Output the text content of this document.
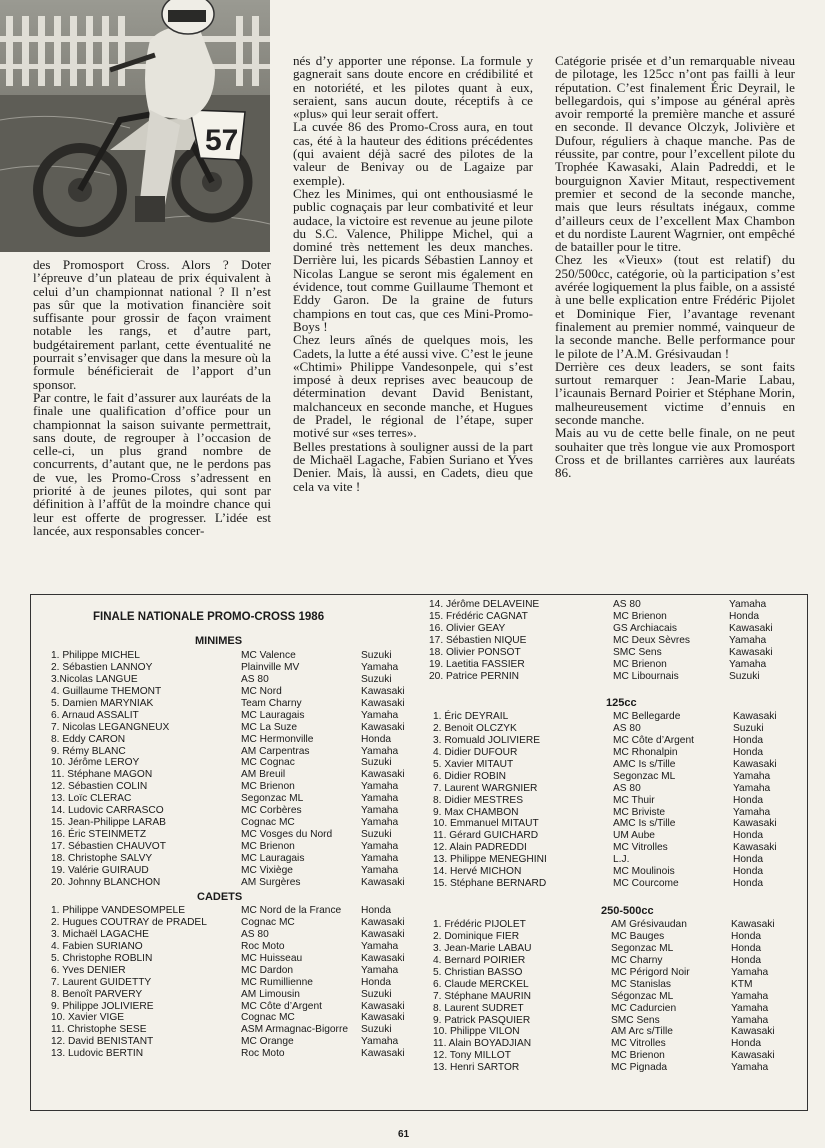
57

des Promosport Cross. Alors ? Doter l’épreuve d’un plateau de prix équivalent à celui d’un championnat national ? Il n’est pas sûr que la motivation financière soit suffisante pour grossir de façon vraiment notable les rangs, et d’autre part, budgétairement parlant, cette éventualité ne pourrait s’envisager que dans la mesure où la formule bénéficierait de l’apport d’un sponsor.

Par contre, le fait d’assurer aux lauréats de la finale une qualification d’office pour un championnat la saison suivante permettrait, sans doute, de regrouper à l’occasion de celle-ci, un plus grand nombre de concurrents, d’autant que, ne le perdons pas de vue, les Promo-Cross s’adressent en priorité à de jeunes pilotes, qui sont par définition à l’affût de la moindre chance qui leur est offerte de progresser. L’idée est lancée, aux responsables concer-

nés d’y apporter une réponse. La formule y gagnerait sans doute encore en crédibilité et en notoriété, et les pilotes quant à eux, seraient, sans aucun doute, réceptifs à ce «plus» qui leur serait offert.

La cuvée 86 des Promo-Cross aura, en tout cas, été à la hauteur des éditions précédentes (qui avaient déjà sacré des pilotes de la valeur de Benivay ou de Lagaize par exemple).

Chez les Minimes, qui ont enthousiasmé le public cognaçais par leur combativité et leur audace, la victoire est revenue au jeune pilote du S.C. Valence, Philippe Michel, qui a dominé très nettement les deux manches. Derrière lui, les picards Sébastien Lannoy et Nicolas Langue se seront mis également en évidence, tout comme Guillaume Themont et Eddy Garon. De la graine de futurs champions en tout cas, que ces Mini-Promo-Boys !

Chez leurs aînés de quelques mois, les Cadets, la lutte a été aussi vive. C’est le jeune «Chtimi» Philippe Vandesonpele, qui s’est imposé à deux reprises avec beaucoup de détermination devant David Benistant, malchanceux en seconde manche, et Hugues de Pradel, le régional de l’étape, super motivé sur «ses terres».

Belles prestations à souligner aussi de la part de Michaël Lagache, Fabien Suriano et Yves Denier. Mais, là aussi, en Cadets, dieu que cela va vite !

Catégorie prisée et d’un remarquable niveau de pilotage, les 125cc n’ont pas failli à leur réputation. C’est finalement Éric Deyrail, le bellegardois, qui s’impose au général après avoir remporté la première manche et assuré en seconde. Il devance Olczyk, Jolivière et Dufour, réguliers à chaque manche. Pas de réussite, par contre, pour l’excellent pilote du Trophée Kawasaki, Alain Padreddi, et le bourguignon Xavier Mitaut, respectivement premier et second de la seconde manche, mais que leurs résultats inégaux, comme d’ailleurs ceux de l’excellent Max Chambon et du nordiste Laurent Wagrnier, ont empêché de batailler pour le titre.

Chez les «Vieux» (tout est relatif) du 250/500cc, catégorie, où la participation s’est avérée logiquement la plus faible, on a assisté à une belle explication entre Frédéric Pijolet et Dominique Fier, l’avantage revenant finalement au premier nommé, vainqueur de la seconde manche. Belle performance pour le pilote de l’A.M. Grésivaudan !

Derrière ces deux leaders, se sont faits surtout remarquer : Jean-Marie Labau, l’icaunais Bernard Poirier et Stéphane Morin, malheureusement victime d’ennuis en seconde manche.

Mais au vu de cette belle finale, on ne peut souhaiter que très longue vie aux Promosport Cross et de brillantes carrières aux lauréats 86.

FINALE NATIONALE PROMO-CROSS 1986
MINIMES
1. Philippe MICHEL	MC Valence	Suzuki
2. Sébastien LANNOY	Plainville MV	Yamaha
3.Nicolas LANGUE	AS 80	Suzuki
4. Guillaume THEMONT	MC Nord	Kawasaki
5. Damien MARYNIAK	Team Charny	Kawasaki
6. Arnaud ASSALIT	MC Lauragais	Yamaha
7. Nicolas LEGANGNEUX	MC La Suze	Kawasaki
8. Eddy CARON	MC Hermonville	Honda
9. Rémy BLANC	AM Carpentras	Yamaha
10. Jérôme LEROY	MC Cognac	Suzuki
11. Stéphane MAGON	AM Breuil	Kawasaki
12. Sébastien COLIN	MC Brienon	Yamaha
13. Loïc CLERAC	Segonzac ML	Yamaha
14. Ludovic CARRASCO	MC Corbères	Yamaha
15. Jean-Philippe LARAB	Cognac MC	Yamaha
16. Éric STEINMETZ	MC Vosges du Nord	Suzuki
17. Sébastien CHAUVOT	MC Brienon	Yamaha
18. Christophe SALVY	MC Lauragais	Yamaha
19. Valérie GUIRAUD	MC Vixiège	Yamaha
20. Johnny BLANCHON	AM Surgères	Kawasaki
CADETS
1. Philippe VANDESOMPELE	MC Nord de la France Honda
2. Hugues COUTRAY de PRADEL	Cognac MC	Kawasaki
3. Michaël LAGACHE	AS 80	Kawasaki
4. Fabien SURIANO	Roc Moto	Yamaha
5. Christophe ROBLIN	MC Huisseau	Kawasaki
6. Yves DENIER	MC Dardon	Yamaha
7. Laurent GUIDETTY	MC Rumillienne	Honda
8. Benoît PARVERY	AM Limousin	Suzuki
9. Philippe JOLIVIERE	MC Côte d’Argent	Kawasaki
10. Xavier VIGE	Cognac MC	Kawasaki
11. Christophe SESE	ASM Armagnac-Bigorre Suzuki
12. David BENISTANT	MC Orange	Yamaha
13. Ludovic BERTIN	Roc Moto	Kawasaki
14. Jérôme DELAVEINE	AS 80	Yamaha
15. Frédéric CAGNAT	MC Brienon	Honda
16. Olivier GEAY	GS Archiacais	Kawasaki
17. Sébastien NIQUE	MC Deux Sèvres	Yamaha
18. Olivier PONSOT	SMC Sens	Kawasaki
19. Laetitia FASSIER	MC Brienon	Yamaha
20. Patrice PERNIN	MC Libournais	Suzuki
125cc
1. Éric DEYRAIL	MC Bellegarde	Kawasaki
2. Benoit OLCZYK	AS 80	Suzuki
3. Romuald JOLIVIERE	MC Côte d’Argent	Honda
4. Didier DUFOUR	MC Rhonalpin	Honda
5. Xavier MITAUT	AMC Is s/Tille	Kawasaki
6. Didier ROBIN	Segonzac ML	Yamaha
7. Laurent WARGNIER	AS 80	Yamaha
8. Didier MESTRES	MC Thuir	Honda
9. Max CHAMBON	MC Briviste	Yamaha
10. Emmanuel MITAUT	AMC Is s/Tille	Kawasaki
11. Gérard GUICHARD	UM Aube	Honda
12. Alain PADREDDI	MC Vitrolles	Kawasaki
13. Philippe MENEGHINI	L.J.	Honda
14. Hervé MICHON	MC Moulinois	Honda
15. Stéphane BERNARD	MC Courcome	Honda
250-500cc
1. Frédéric PIJOLET	AM Grésivaudan	Kawasaki
2. Dominique FIER	MC Bauges	Honda
3. Jean-Marie LABAU	Segonzac ML	Honda
4. Bernard POIRIER	MC Charny	Honda
5. Christian BASSO	MC Périgord Noir	Yamaha
6. Claude MERCKEL	MC Stanislas	KTM
7. Stéphane MAURIN	Ségonzac ML	Yamaha
8. Laurent SUDRET	MC Cadurcien	Yamaha
9. Patrick PASQUIER	SMC Sens	Yamaha
10. Philippe VILON	AM Arc s/Tille	Kawasaki
11. Alain BOYADJIAN	MC Vitrolles	Honda
12. Tony MILLOT	MC Brienon	Kawasaki
13. Henri SARTOR	MC Pignada	Yamaha
61
